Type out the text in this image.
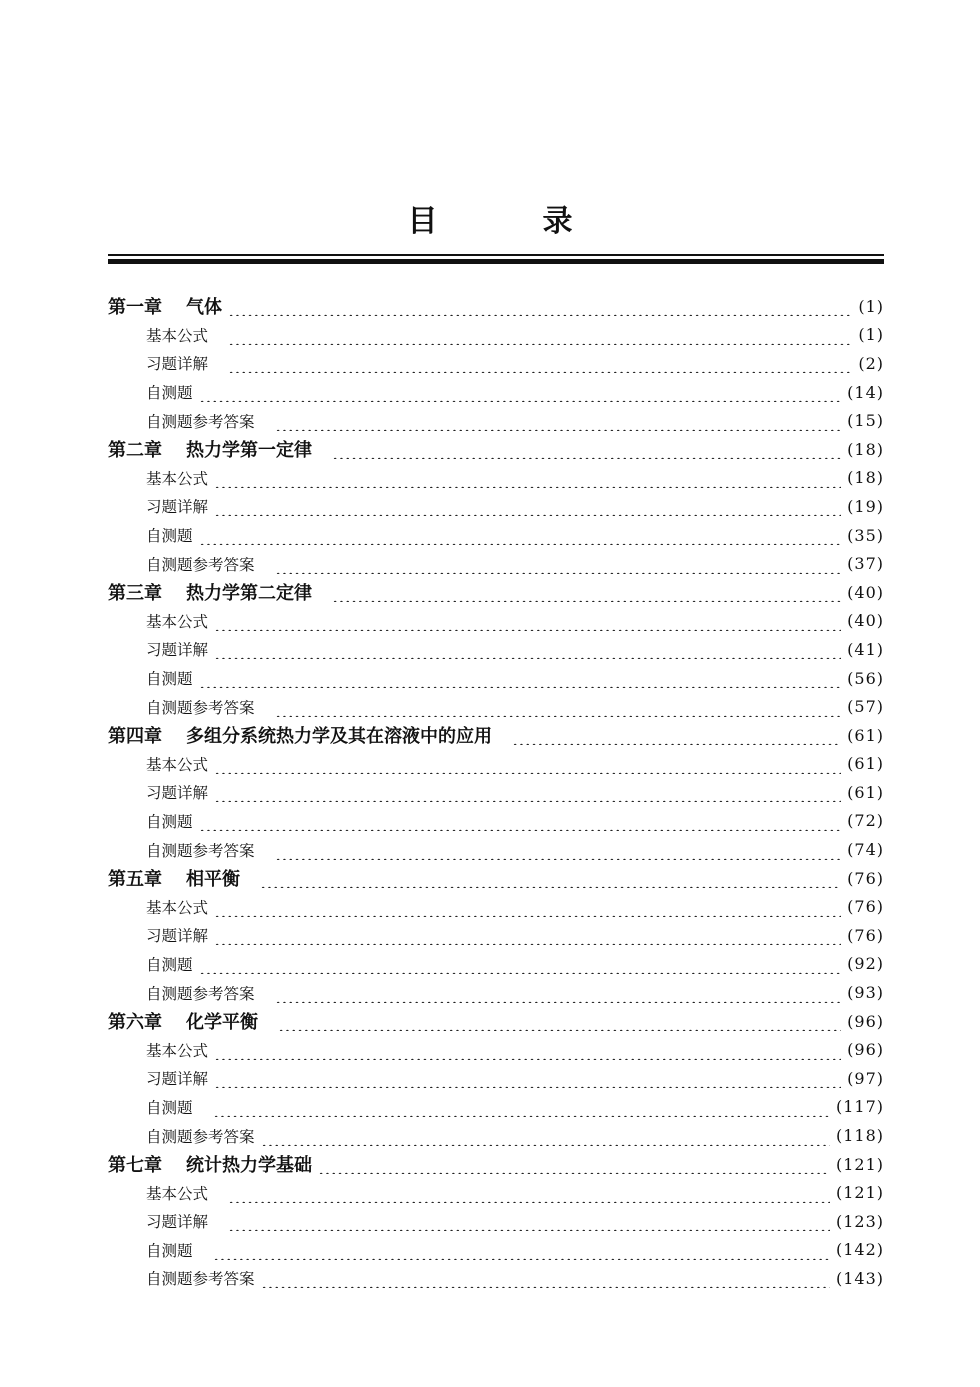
目录
第一章 气体	(1)
基本公式	(1)
习题详解	(2)
自测题	(14)
自测题参考答案	(15)
第二章 热力学第一定律	(18)
基本公式	(18)
习题详解	(19)
自测题	(35)
自测题参考答案	(37)
第三章 热力学第二定律	(40)
基本公式	(40)
习题详解	(41)
自测题	(56)
自测题参考答案	(57)
第四章 多组分系统热力学及其在溶液中的应用	(61)
基本公式	(61)
习题详解	(61)
自测题	(72)
自测题参考答案	(74)
第五章 相平衡	(76)
基本公式	(76)
习题详解	(76)
自测题	(92)
自测题参考答案	(93)
第六章 化学平衡	(96)
基本公式	(96)
习题详解	(97)
自测题	(117)
自测题参考答案	(118)
第七章 统计热力学基础	(121)
基本公式	(121)
习题详解	(123)
自测题	(142)
自测题参考答案	(143)
